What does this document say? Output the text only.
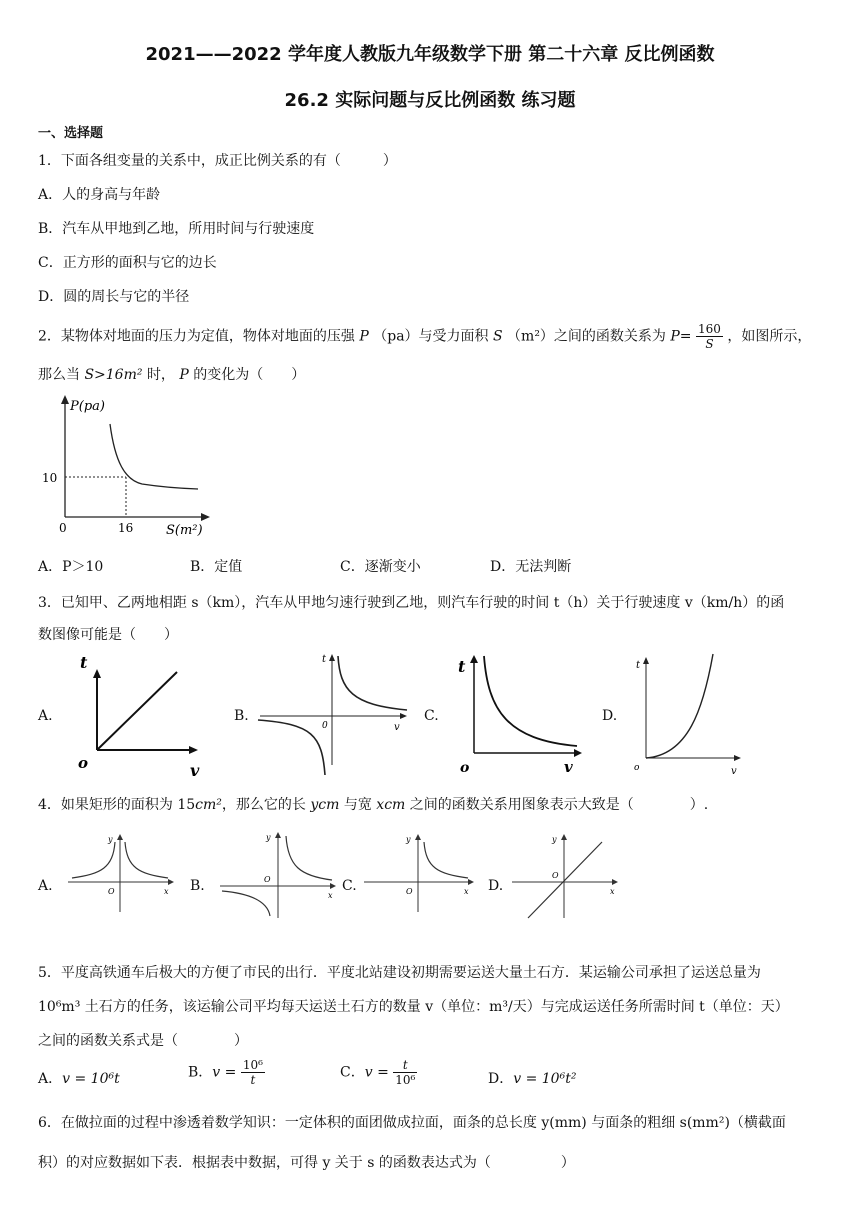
2021——2022 学年度人教版九年级数学下册 第二十六章 反比例函数
26.2 实际问题与反比例函数 练习题
一、选择题
1．下面各组变量的关系中，成正比例关系的有（　　　）
A．人的身高与年龄
B．汽车从甲地到乙地，所用时间与行驶速度
C．正方形的面积与它的边长
D．圆的周长与它的半径
2．某物体对地面的压力为定值，物体对地面的压强 P （pa）与受力面积 S （m²）之间的函数关系为 $P= \frac{160}{S}$ ，如图所示，
那么当 S>16m² 时， P 的变化为（　　）
P(pa)
10
0	16	S(m²)
A．P＞10	B．定值	C．逐渐变小	D．无法判断
3．已知甲、乙两地相距 s（km），汽车从甲地匀速行驶到乙地，则汽车行驶的时间 t（h）关于行驶速度 v（km/h）的函
数图像可能是（　　）
A.
t
o	v
B.
t
0	v
C.
t
o	v
D.
t
o	v
4．如果矩形的面积为 15cm²，那么它的长 ycm 与宽 xcm 之间的函数关系用图象表示大致是（　　　　）.
A.
y
O	x B.
y
O
x
C.
y
O	x D.
y
O
x
5．平度高铁通车后极大的方便了市民的出行．平度北站建设初期需要运送大量土石方．某运输公司承担了运送总量为
10⁶m³ 土石方的任务，该运输公司平均每天运送土石方的数量 v（单位：m³/天）与完成运送任务所需时间 t（单位：天）
之间的函数关系式是（　　　　）
A．v = 10⁶t	B．$v = \frac{\text{10⁶}}{t}$	C．$v = \frac{t}{\text{10⁶}}$	D．v = 10⁶t²
6．在做拉面的过程中渗透着数学知识：一定体积的面团做成拉面，面条的总长度 y(mm) 与面条的粗细 s(mm²)（横截面
积）的对应数据如下表．根据表中数据，可得 y 关于 s 的函数表达式为（　　　　　）
